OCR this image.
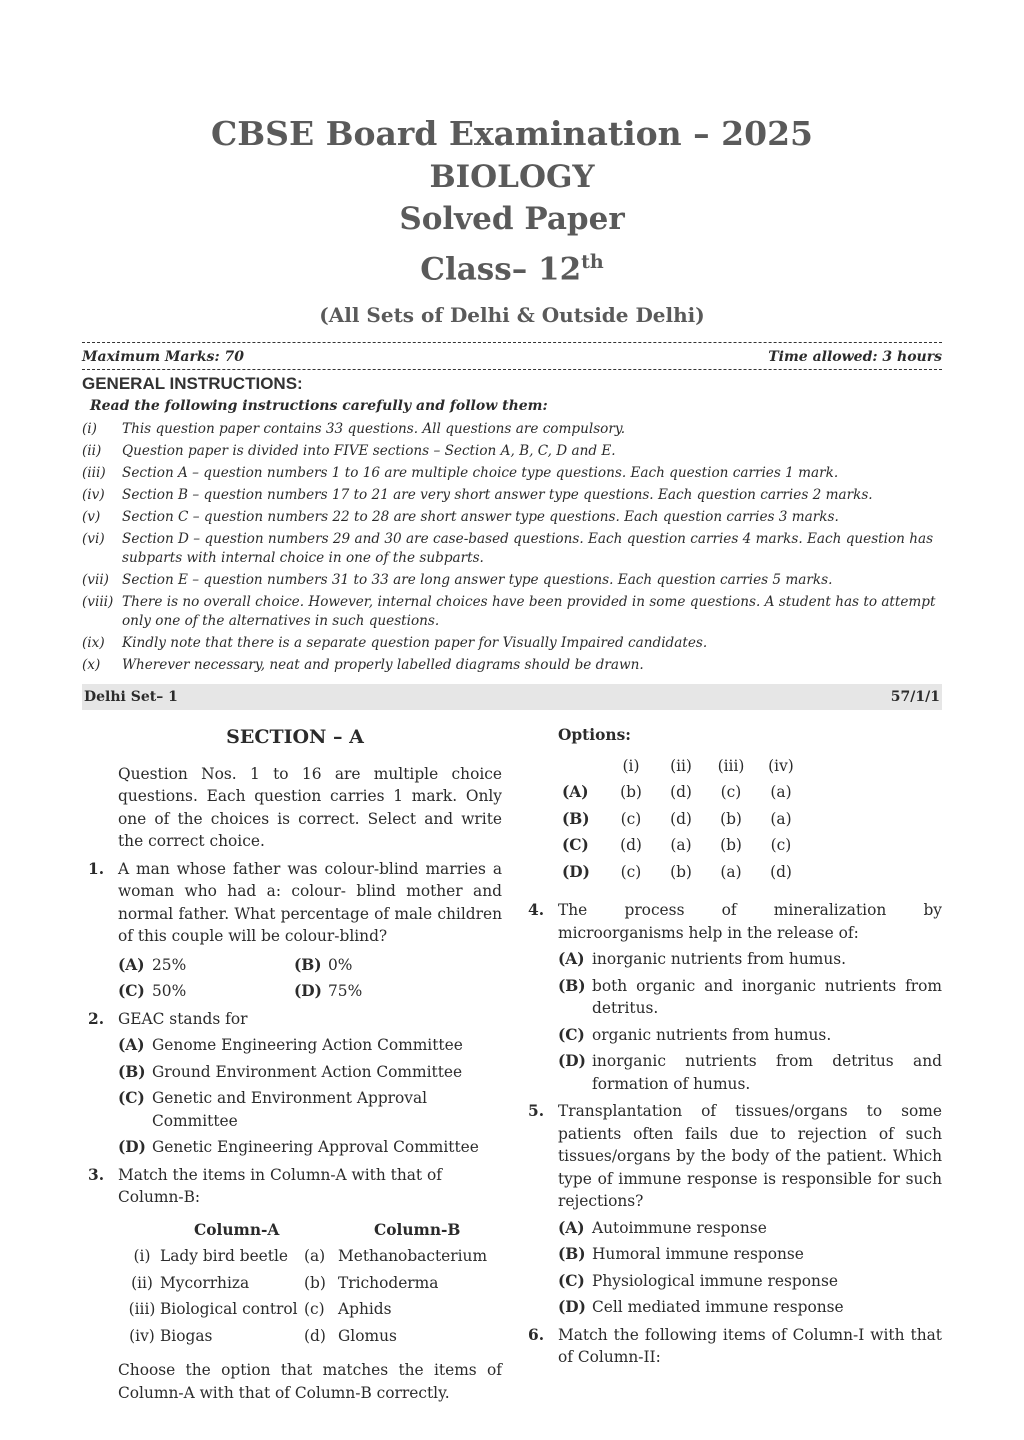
CBSE Board Examination – 2025
BIOLOGY
Solved Paper
Class– 12th
(All Sets of Delhi & Outside Delhi)
Maximum Marks: 70	Time allowed: 3 hours
GENERAL INSTRUCTIONS:
Read the following instructions carefully and follow them:
(i)	This question paper contains 33 questions. All questions are compulsory.
(ii)	Question paper is divided into FIVE sections – Section A, B, C, D and E.
(iii)	Section A – question numbers 1 to 16 are multiple choice type questions. Each question carries 1 mark.
(iv)	Section B – question numbers 17 to 21 are very short answer type questions. Each question carries 2 marks.
(v)	Section C – question numbers 22 to 28 are short answer type questions. Each question carries 3 marks.
(vi)	Section D – question numbers 29 and 30 are case-based questions. Each question carries 4 marks. Each question has subparts with internal choice in one of the subparts.
(vii) Section E – question numbers 31 to 33 are long answer type questions. Each question carries 5 marks.
(viii) There is no overall choice. However, internal choices have been provided in some questions. A student has to attempt only one of the alternatives in such questions.
(ix)	Kindly note that there is a separate question paper for Visually Impaired candidates.
(x)	Wherever necessary, neat and properly labelled diagrams should be drawn.
Delhi Set– 1	57/1/1
SECTION – A
Question Nos. 1 to 16 are multiple choice questions. Each question carries 1 mark. Only one of the choices is correct. Select and write the correct choice.
1. A man whose father was colour-blind marries a woman who had a: colour- blind mother and normal father. What percentage of male children of this couple will be colour-blind?
(A) 25%	(B) 0%
(C) 50%	(D) 75%
2. GEAC stands for
(A) Genome Engineering Action Committee
(B) Ground Environment Action Committee
(C) Genetic and Environment Approval Committee
(D) Genetic Engineering Approval Committee
3. Match the items in Column-A with that of Column-B:
	Column-A		Column-B
(i)	Lady bird beetle	(a)	Methanobacterium
(ii)	Mycorrhiza	(b)	Trichoderma
(iii)	Biological control	(c)	Aphids
(iv)	Biogas	(d)	Glomus
Choose the option that matches the items of Column-A with that of Column-B correctly.
Options:
	(i)	(ii)	(iii)	(iv)
(A)	(b)	(d)	(c)	(a)
(B)	(c)	(d)	(b)	(a)
(C)	(d)	(a)	(b)	(c)
(D)	(c)	(b)	(a)	(d)
4. The process of mineralization by microorganisms help in the release of:
(A) inorganic nutrients from humus.
(B) both organic and inorganic nutrients from detritus.
(C) organic nutrients from humus.
(D) inorganic nutrients from detritus and formation of humus.
5. Transplantation of tissues/organs to some patients often fails due to rejection of such tissues/organs by the body of the patient. Which type of immune response is responsible for such rejections?
(A) Autoimmune response
(B) Humoral immune response
(C) Physiological immune response
(D) Cell mediated immune response
6. Match the following items of Column-I with that of Column-II:
